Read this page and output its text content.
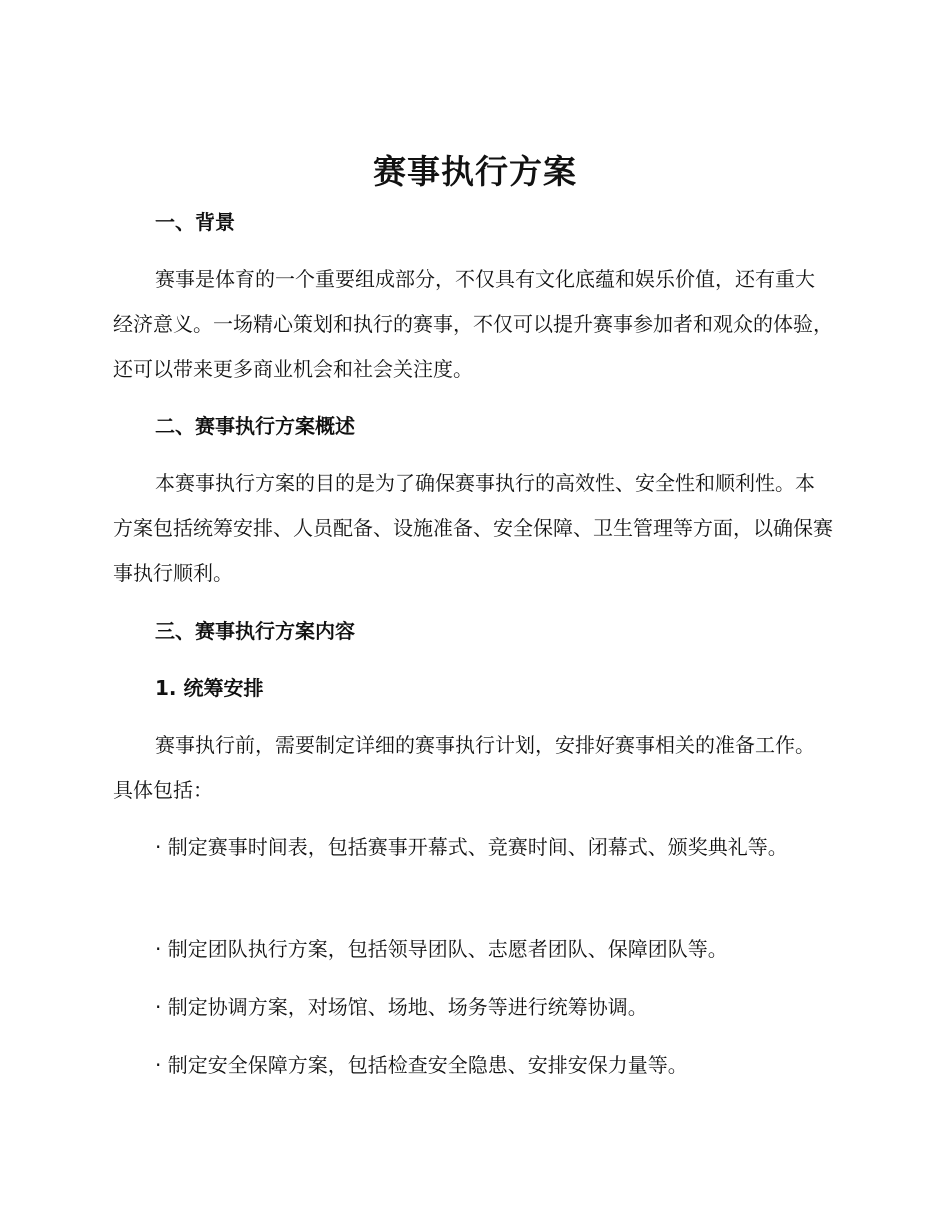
赛事执行方案
一、背景

赛事是体育的一个重要组成部分，不仅具有文化底蕴和娱乐价值，还有重大经济意义。一场精心策划和执行的赛事，不仅可以提升赛事参加者和观众的体验，还可以带来更多商业机会和社会关注度。

二、赛事执行方案概述

本赛事执行方案的目的是为了确保赛事执行的高效性、安全性和顺利性。本方案包括统筹安排、人员配备、设施准备、安全保障、卫生管理等方面，以确保赛事执行顺利。

三、赛事执行方案内容
1. 统筹安排

赛事执行前，需要制定详细的赛事执行计划，安排好赛事相关的准备工作。具体包括：

· 制定赛事时间表，包括赛事开幕式、竞赛时间、闭幕式、颁奖典礼等。

· 制定团队执行方案，包括领导团队、志愿者团队、保障团队等。

· 制定协调方案，对场馆、场地、场务等进行统筹协调。

· 制定安全保障方案，包括检查安全隐患、安排安保力量等。
